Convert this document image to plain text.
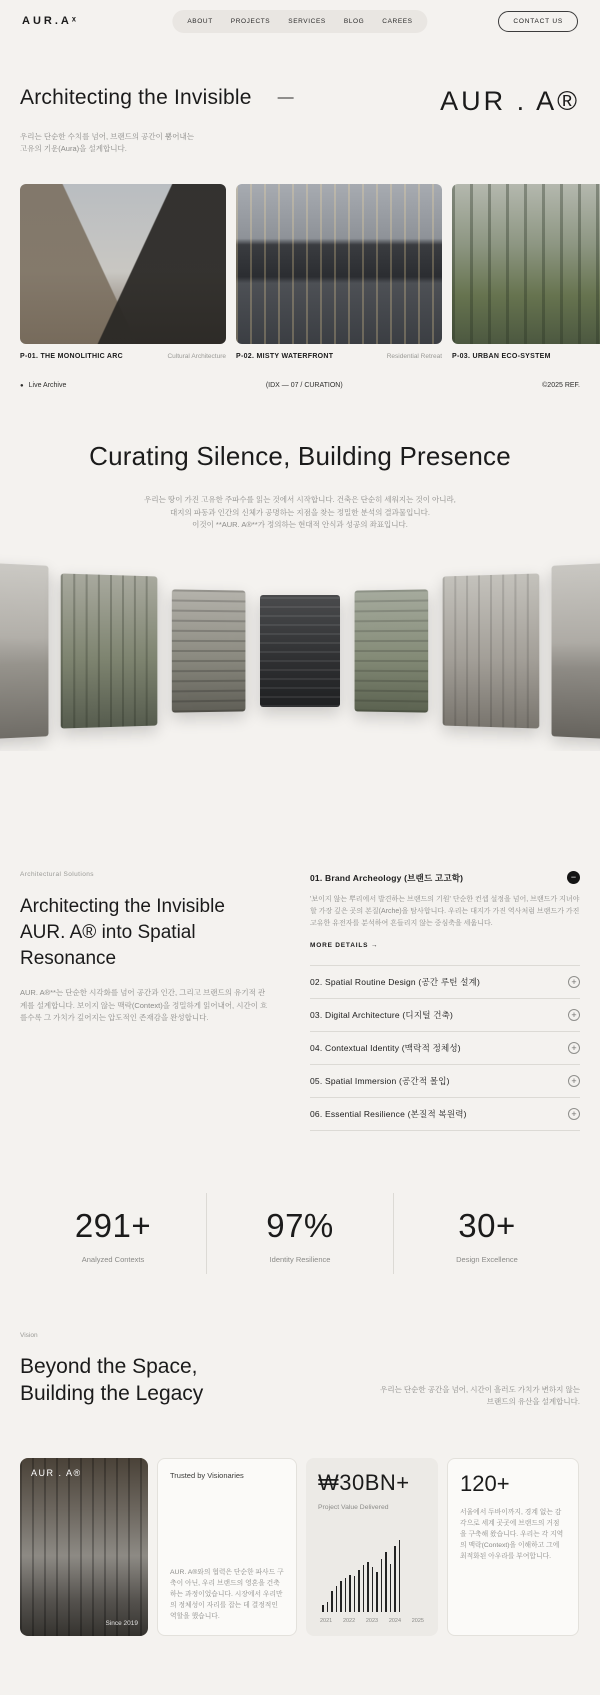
AUR.Aˣ	ABOUT	PROJECTS	SERVICES	BLOG	CAREES	CONTACT US
Architecting the Invisible —	AUR . A®
우리는 단순한 수치를 넘어, 브랜드의 공간이 뿜어내는
고유의 기운(Aura)을 설계합니다.
P-01. THE MONOLITHIC ARC	Cultural Architecture P-02. MISTY WATERFRONT	Residential Retreat P-03. URBAN ECO-SYSTEM
● Live Archive	(IDX — 07 / CURATION)	©2025 REF.
Curating Silence, Building Presence
우리는 땅이 가진 고유한 주파수를 읽는 것에서 시작합니다. 건축은 단순히 세워지는 것이 아니라,
대지의 파동과 인간의 신체가 공명하는 지점을 찾는 정밀한 분석의 결과물입니다.
이것이 **AUR. A®**가 정의하는 현대적 안식과 성공의 좌표입니다.
Architectural Solutions
Architecting the Invisible AUR. A® into Spatial Resonance

AUR. A®**는 단순한 시각화를 넘어 공간과 인간, 그리고 브랜드의 유기적 관계를 설계합니다. 보이지 않는 맥락(Context)을 정밀하게 읽어내어, 시간이 흐를수록 그 가치가 깊어지는 압도적인 존재감을 완성합니다.

01. Brand Archeology (브랜드 고고학)	−
'보이지 않는 뿌리에서 발견하는 브랜드의 기원' 단순한 컨셉 설정을 넘어, 브랜드가 지녀야 할 가장 깊은 곳의 본질(Arche)을 탐사합니다. 우리는 대지가 가진 역사처럼 브랜드가 가진 고유한 유전자를 분석하여 흔들리지 않는 중심축을 세웁니다.
MORE DETAILS →
02. Spatial Routine Design (공간 루틴 설계)	+
03. Digital Architecture (디지털 건축)	+
04. Contextual Identity (맥락적 정체성)	+
05. Spatial Immersion (공간적 몰입)	+
06. Essential Resilience (본질적 복원력)	+
291+
Analyzed Contexts
97%
Identity Resilience
30+
Design Excellence
Vision
Beyond the Space,
Building the Legacy	우리는 단순한 공간을 넘어, 시간이 흘러도 가치가 변하지 않는
브랜드의 유산을 설계합니다.
AUR . A®
Since 2019
Trusted by Visionaries
AUR. A®와의 협력은 단순한 파사드 구축이 아닌, 우리 브랜드의 영혼을 건축하는 과정이었습니다. 시장에서 우리만의 정체성이 자리를 잡는 데 결정적인 역할을 했습니다.
₩30BN+
Project Value Delivered
2021 2022 2023 2024 2025
120+
서울에서 두바이까지, 경계 없는 감각으로 세계 곳곳에 브랜드의 거점을 구축해 왔습니다. 우리는 각 지역의 맥락(Context)을 이해하고 그에 최적화된 아우라를 부여합니다.
